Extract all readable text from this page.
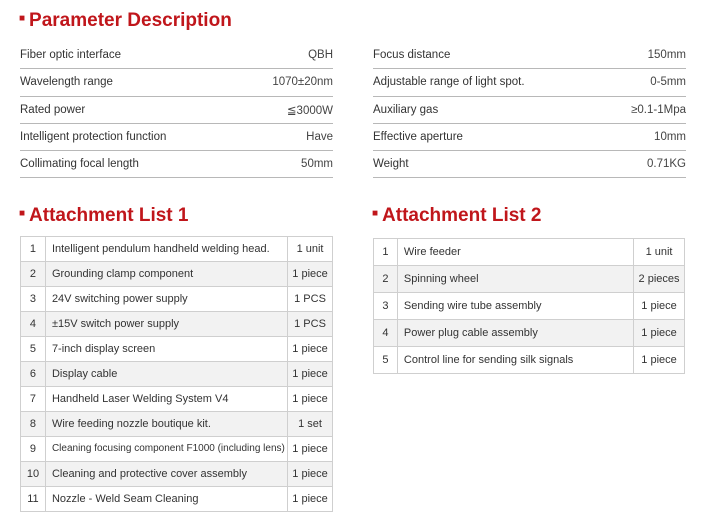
■ Parameter Description
Fiber optic interface	QBH
Wavelength range	1070±20nm
Rated power	≦3000W
Intelligent protection function	Have
Collimating focal length	50mm
Focus distance	150mm
Adjustable range of light spot.	0-5mm
Auxiliary gas	≥0.1-1Mpa
Effective aperture	10mm
Weight	0.71KG
■ Attachment List 1
1	Intelligent pendulum handheld welding head.	1 unit
2	Grounding clamp component	1 piece
3	24V switching power supply	1 PCS
4	±15V switch power supply	1 PCS
5	7-inch display screen	1 piece
6	Display cable	1 piece
7	Handheld Laser Welding System V4	1 piece
8	Wire feeding nozzle boutique kit.	1 set
9	Cleaning focusing component F1000 (including lens)	1 piece
10	Cleaning and protective cover assembly	1 piece
11	Nozzle - Weld Seam Cleaning	1 piece
■ Attachment List 2
1	Wire feeder	1 unit
2	Spinning wheel	2 pieces
3	Sending wire tube assembly	1 piece
4	Power plug cable assembly	1 piece
5	Control line for sending silk signals	1 piece
